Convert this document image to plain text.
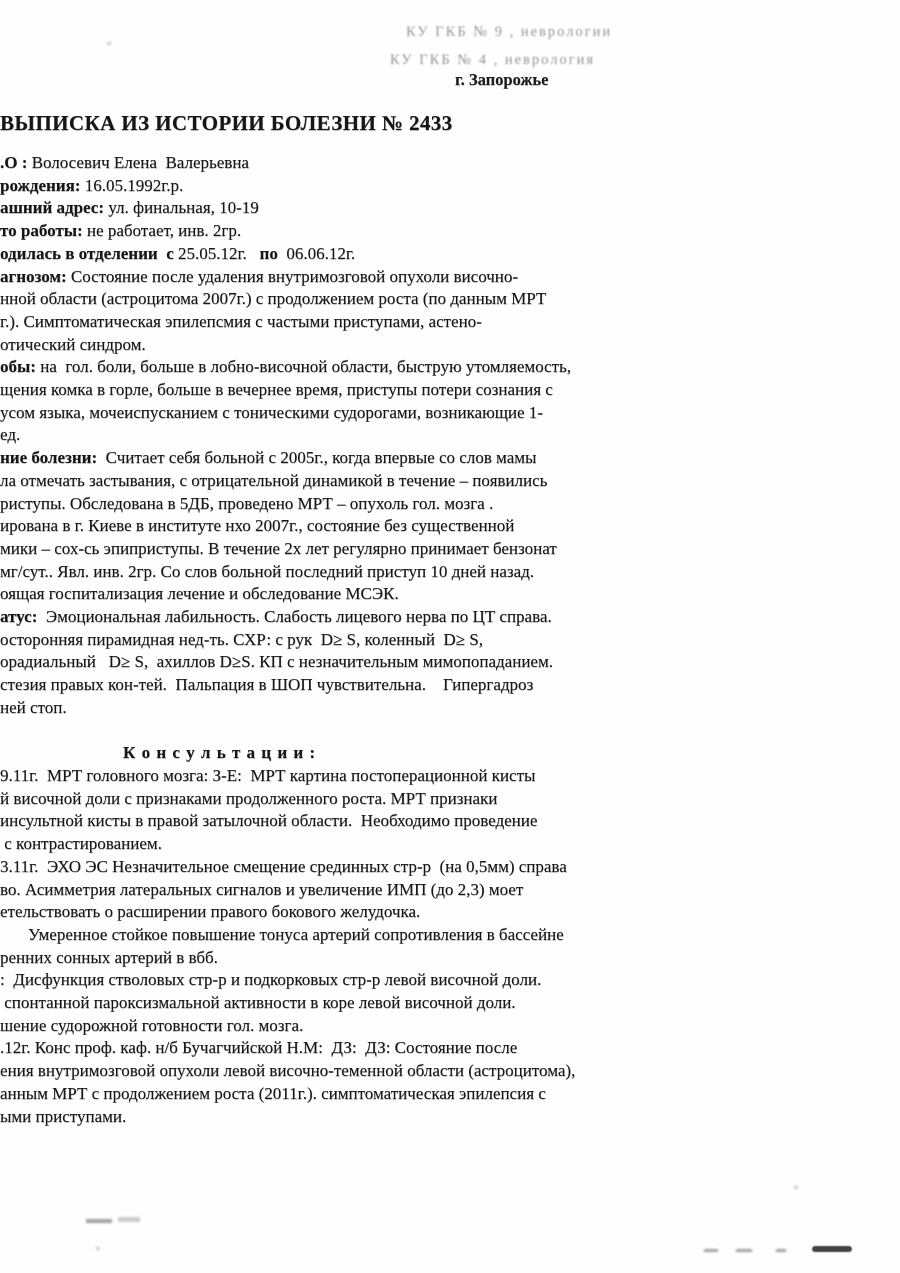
КУ ГКБ № 9 , неврологии
КУ ГКБ № 4 , неврология
г. Запорожье
ВЫПИСКА ИЗ ИСТОРИИ БОЛЕЗНИ № 2433
.О : Волосевич Елена  Валерьевна
рождения: 16.05.1992г.р.
ашний адрес: ул. финальная, 10-19
то работы: не работает, инв. 2гр.
одилась в отделении с 25.05.12г.   по  06.06.12г.
агнозом: Состояние после удаления внутримозговой опухоли височно-
нной области (астроцитома 2007г.) с продолжением роста (по данным МРТ
г.). Симптоматическая эпилепсмия с частыми приступами, астено-
отический синдром.
обы: на  гол. боли, больше в лобно-височной области, быструю утомляемость,
щения комка в горле, больше в вечернее время, приступы потери сознания с
усом языка, мочеиспусканием с тоническими судорогами, возникающие 1-
ед.
ние болезни:  Считает себя больной с 2005г., когда впервые со слов мамы
ла отмечать застывания, с отрицательной динамикой в течение – появились
риступы. Обследована в 5ДБ, проведено МРТ – опухоль гол. мозга .
ирована в г. Киеве в институте нхо 2007г., состояние без существенной
мики – сох-сь эпиприступы. В течение 2х лет регулярно принимает бензонат
мг/сут.. Явл. инв. 2гр. Со слов больной последний приступ 10 дней назад.
оящая госпитализация лечение и обследование МСЭК.
атус:  Эмоциональная лабильность. Слабость лицевого нерва по ЦТ справа.
осторонняя пирамидная нед-ть. СХР: с рук  D≥ S, коленный  D≥ S,
орадиальный   D≥ S,  ахиллов D≥S. КП с незначительным мимопопаданием.
стезия правых кон-тей.  Пальпация в ШОП чувствительна.    Гипергадроз
ней стоп.

К о н с у л ь т а ц и и :
9.11г.  МРТ головного мозга: З-Е:  МРТ картина постоперационной кисты
й височной доли с признаками продолженного роста. МРТ признаки
инсультной кисты в правой затылочной области.  Необходимо проведение
с контрастированием.
3.11г.  ЭХО ЭС Незначительное смещение срединных стр-р  (на 0,5мм) справа
во. Асимметрия латеральных сигналов и увеличение ИМП (до 2,3) моет
етельствовать о расширении правого бокового желудочка.
Умеренное стойкое повышение тонуса артерий сопротивления в бассейне
ренних сонных артерий в вбб.
:  Дисфункция стволовых стр-р и подкорковых стр-р левой височной доли.
спонтанной пароксизмальной активности в коре левой височной доли.
шение судорожной готовности гол. мозга.
.12г. Конс проф. каф. н/б Бучагчийской Н.М:  ДЗ:  ДЗ: Состояние после
ения внутримозговой опухоли левой височно-теменной области (астроцитома),
анным МРТ с продолжением роста (2011г.). симптоматическая эпилепсия с
ыми приступами.
